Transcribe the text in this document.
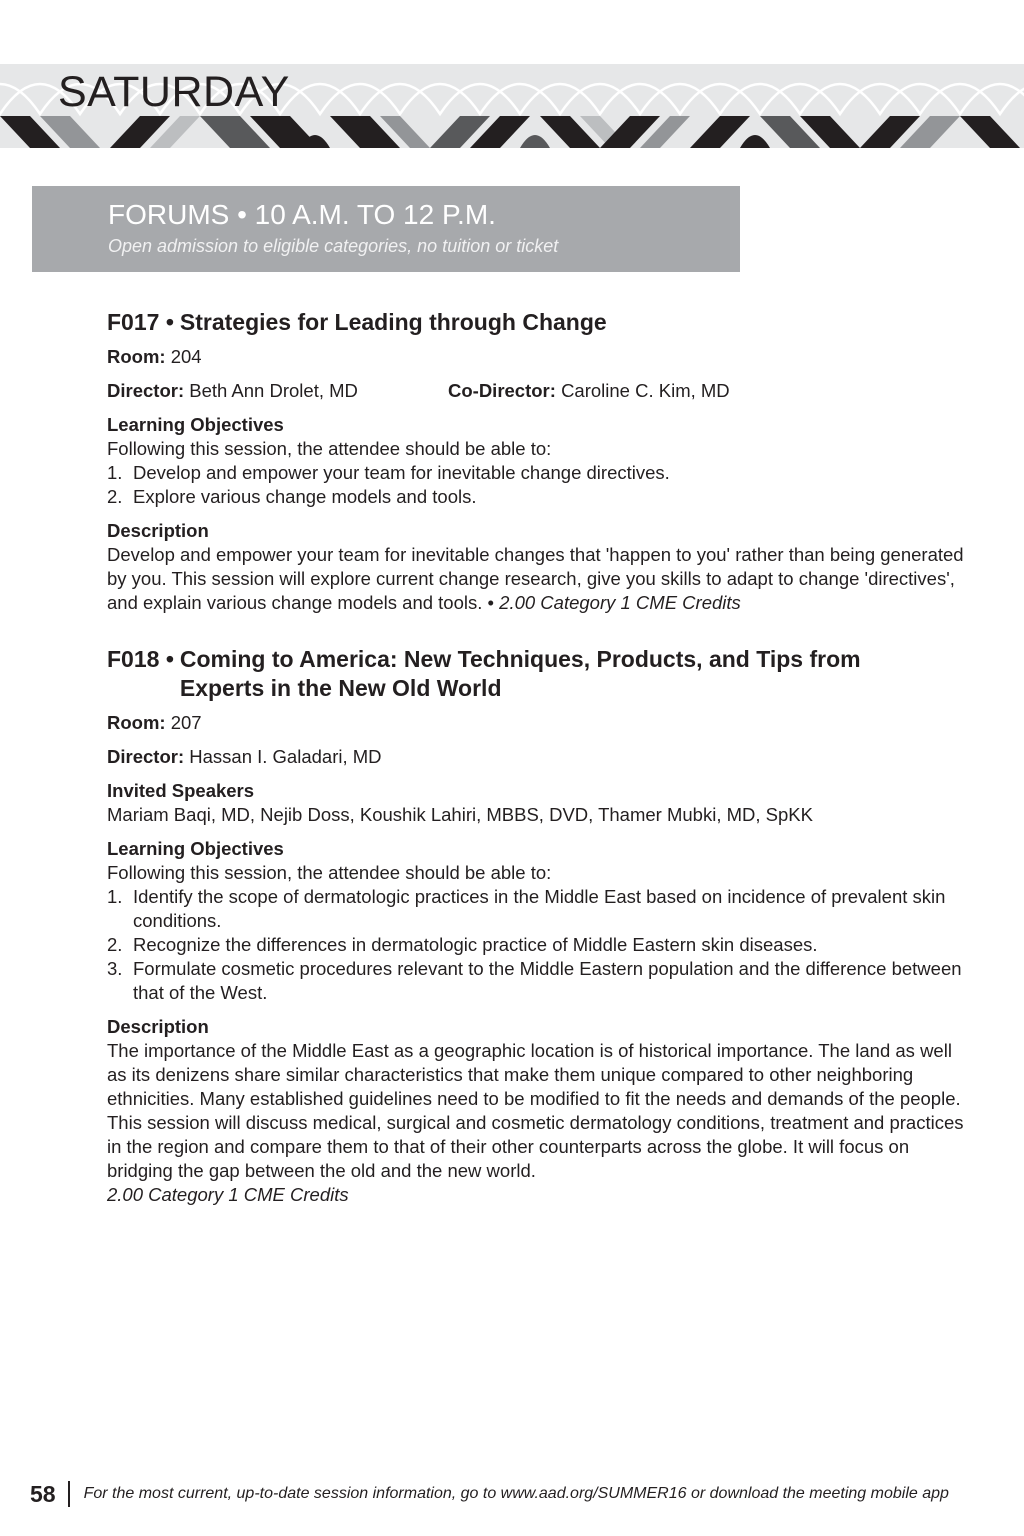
SATURDAY
FORUMS • 10 A.M. TO 12 P.M.
Open admission to eligible categories, no tuition or ticket
F017 • Strategies for Leading through Change
Room: 204
Director: Beth Ann Drolet, MD	Co-Director: Caroline C. Kim, MD
Learning Objectives
Following this session, the attendee should be able to:
1. Develop and empower your team for inevitable change directives.
2. Explore various change models and tools.
Description
Develop and empower your team for inevitable changes that 'happen to you' rather than being generated by you. This session will explore current change research, give you skills to adapt to change 'directives', and explain various change models and tools. • 2.00 Category 1 CME Credits
F018 • Coming to America: New Techniques, Products, and Tips from Experts in the New Old World
Room: 207
Director: Hassan I. Galadari, MD
Invited Speakers
Mariam Baqi, MD, Nejib Doss, Koushik Lahiri, MBBS, DVD, Thamer Mubki, MD, SpKK
Learning Objectives
Following this session, the attendee should be able to:
1. Identify the scope of dermatologic practices in the Middle East based on incidence of prevalent skin conditions.
2. Recognize the differences in dermatologic practice of Middle Eastern skin diseases.
3. Formulate cosmetic procedures relevant to the Middle Eastern population and the difference between that of the West.
Description

The importance of the Middle East as a geographic location is of historical importance. The land as well as its denizens share similar characteristics that make them unique compared to other neighboring ethnicities. Many established guidelines need to be modified to fit the needs and demands of the people. This session will discuss medical, surgical and cosmetic dermatology conditions, treatment and practices in the region and compare them to that of their other counterparts across the globe. It will focus on bridging the gap between the old and the new world.

2.00 Category 1 CME Credits

58 For the most current, up-to-date session information, go to www.aad.org/SUMMER16 or download the meeting mobile app
